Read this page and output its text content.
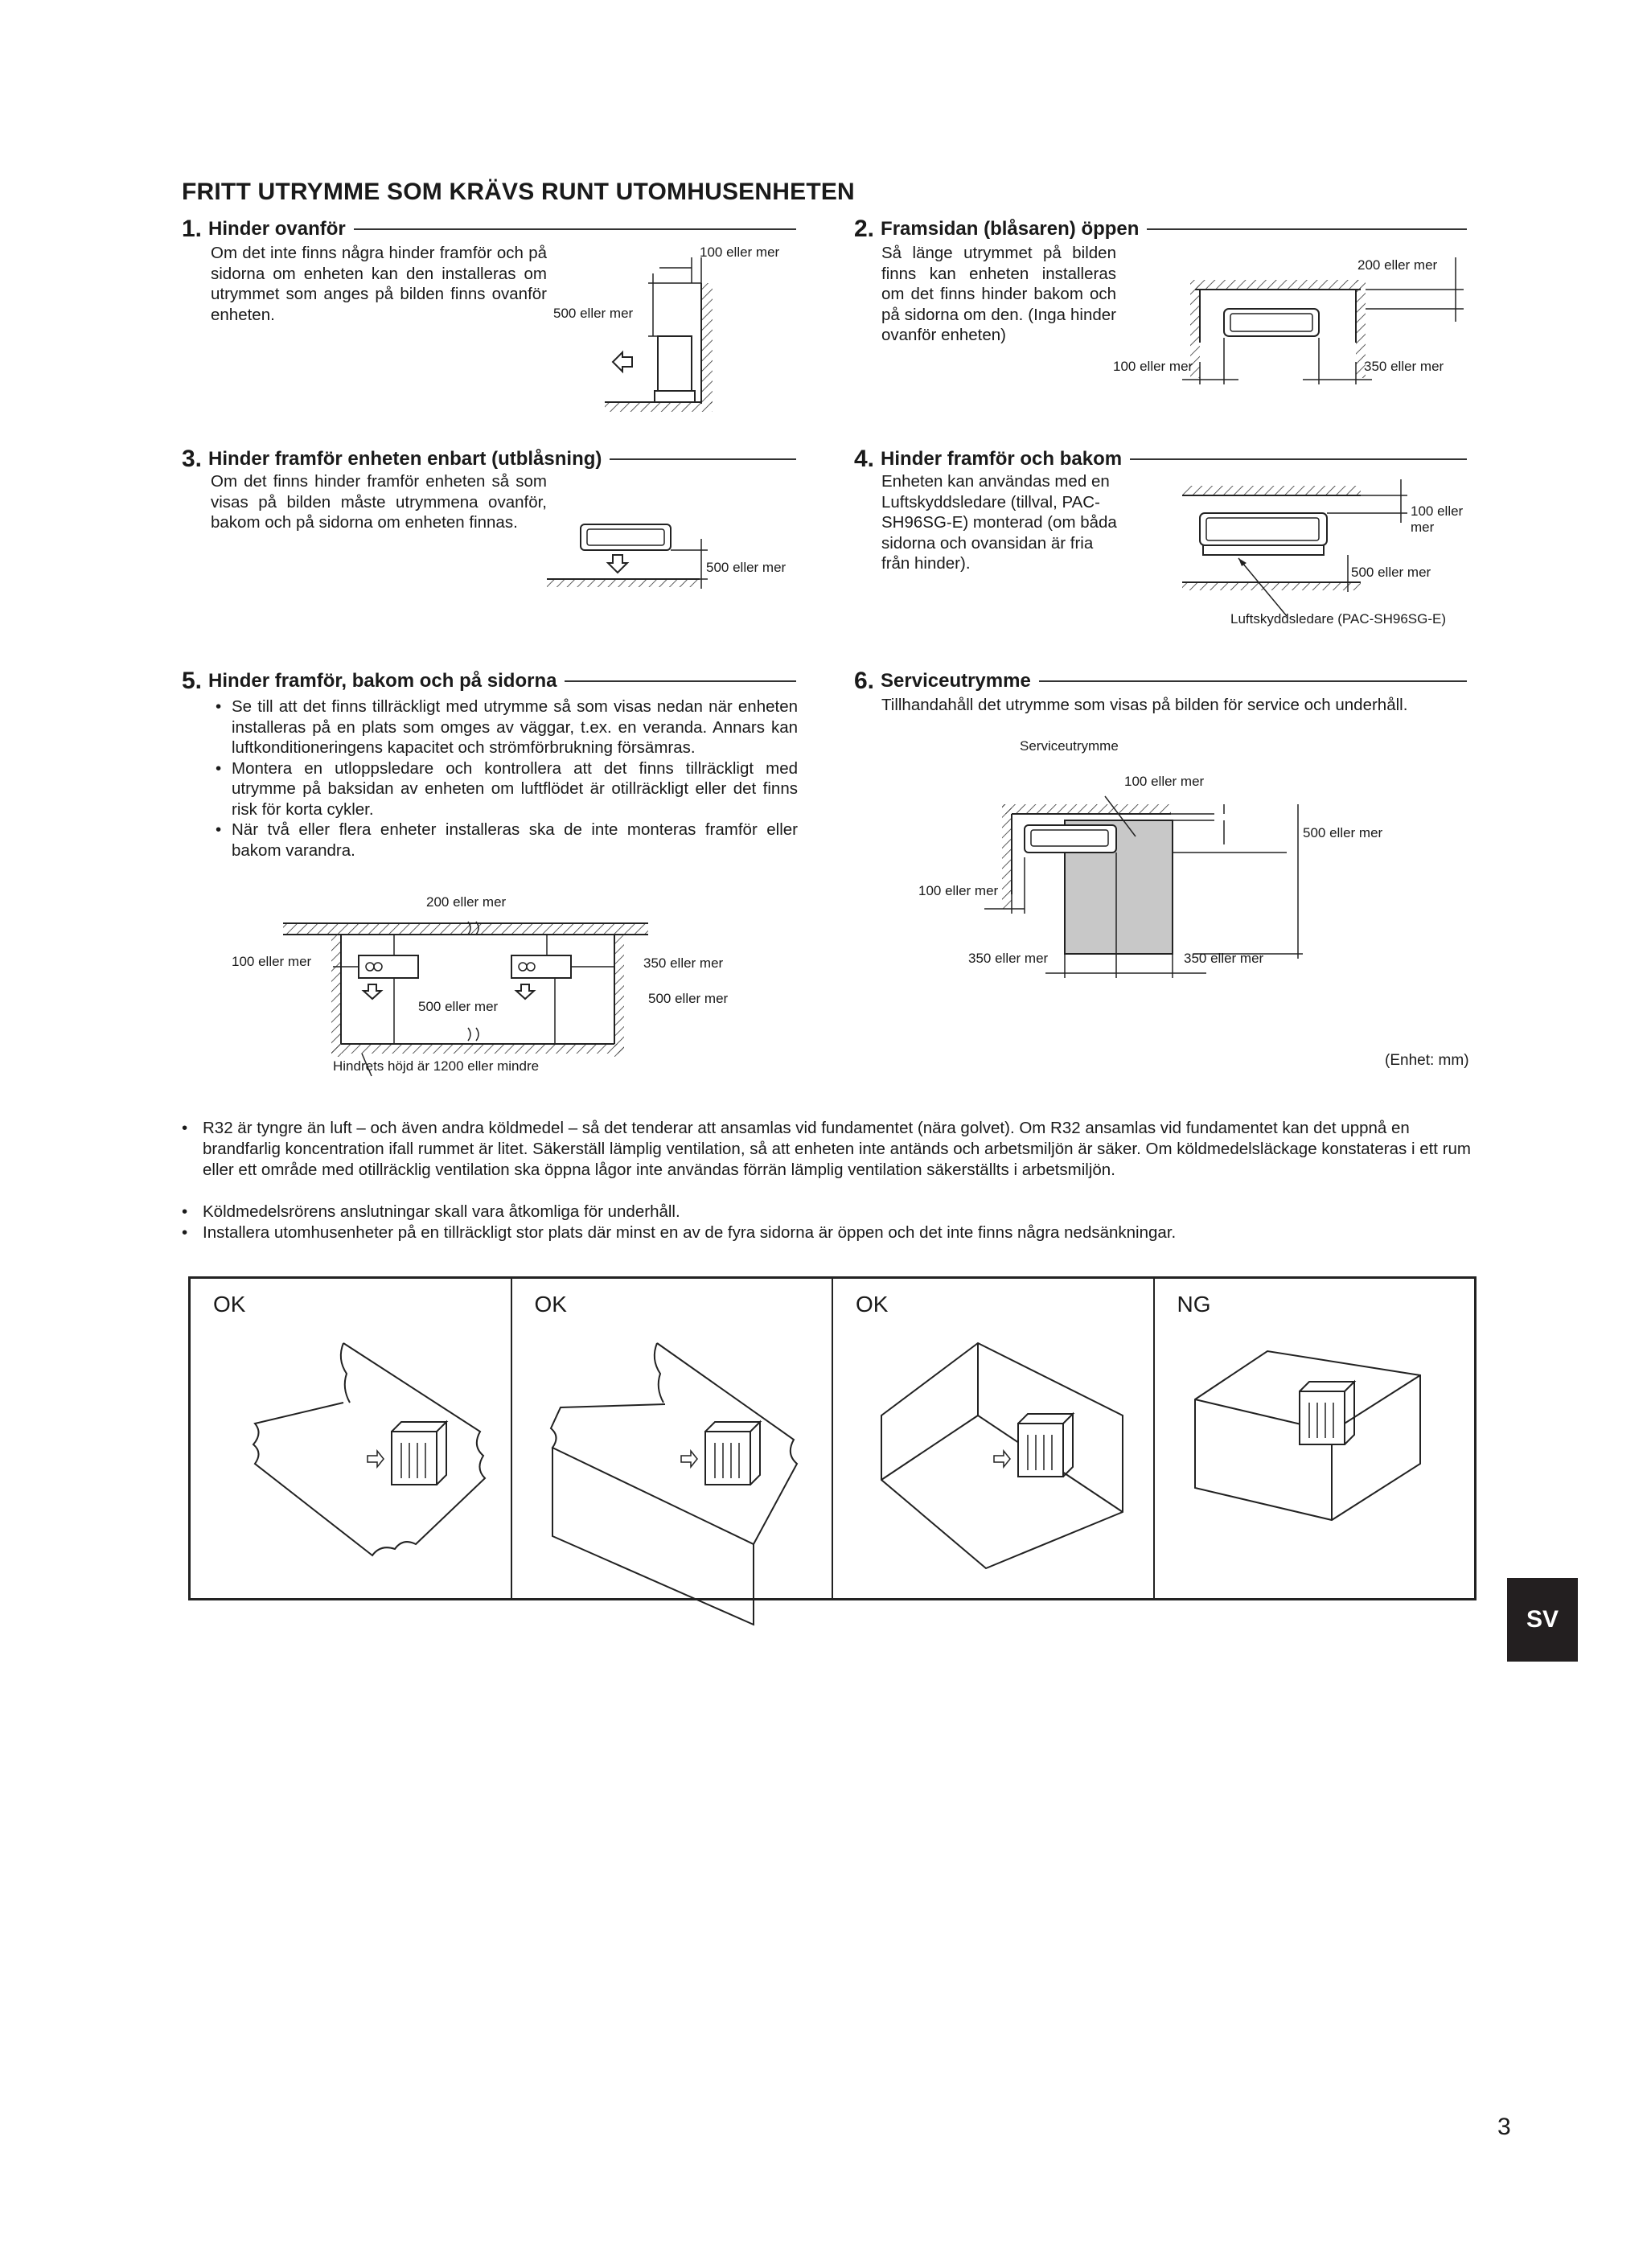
FRITT UTRYMME SOM KRÄVS RUNT UTOMHUSENHETEN
1. Hinder ovanför
Om det inte finns några hinder framför och på sidorna om enheten kan den installeras om utrymmet som anges på bilden finns ovanför enheten.
100 eller mer
500 eller mer
2. Framsidan (blåsaren) öppen
Så länge utrymmet på bilden finns kan enheten installeras om det finns hinder bakom och på sidorna om den. (Inga hinder ovanför enheten)
200 eller mer
100 eller mer	350 eller mer
3. Hinder framför enheten enbart (utblåsning)
Om det finns hinder framför enheten så som visas på bilden måste utrymmena ovanför, bakom och på sidorna om enheten finnas.
500 eller mer
4. Hinder framför och bakom
Enheten kan användas med en Luftskyddsledare (tillval, PAC-SH96SG-E) monterad (om båda sidorna och ovansidan är fria från hinder).
100 eller
mer
500 eller mer
Luftskyddsledare (PAC-SH96SG-E)
5. Hinder framför, bakom och på sidorna
• Se till att det finns tillräckligt med utrymme så som visas nedan när enheten installeras på en plats som omges av väggar, t.ex. en veranda. Annars kan luftkonditioneringens kapacitet och strömförbrukning försämras.
• Montera en utloppsledare och kontrollera att det finns tillräckligt med utrymme på baksidan av enheten om luftflödet är otillräckligt eller det finns risk för korta cykler.
• När två eller flera enheter installeras ska de inte monteras framför eller bakom varandra.
200 eller mer
100 eller mer	350 eller mer
500 eller mer
500 eller mer
Hindrets höjd är 1200 eller mindre
6. Serviceutrymme
Tillhandahåll det utrymme som visas på bilden för service och underhåll.
Serviceutrymme
100 eller mer
500 eller mer
100 eller mer
350 eller mer	350 eller mer
(Enhet: mm)
• R32 är tyngre än luft – och även andra köldmedel – så det tenderar att ansamlas vid fundamentet (nära golvet). Om R32 ansamlas vid fundamentet kan det uppnå en brandfarlig koncentration ifall rummet är litet. Säkerställ lämplig ventilation, så att enheten inte antänds och arbetsmiljön är säker. Om köldmedelsläckage konstateras i ett rum eller ett område med otillräcklig ventilation ska öppna lågor inte användas förrän lämplig ventilation säkerställts i arbetsmiljön.
• Köldmedelsrörens anslutningar skall vara åtkomliga för underhåll.
• Installera utomhusenheter på en tillräckligt stor plats där minst en av de fyra sidorna är öppen och det inte finns några nedsänkningar.
OK	OK	OK	NG
SV
3
